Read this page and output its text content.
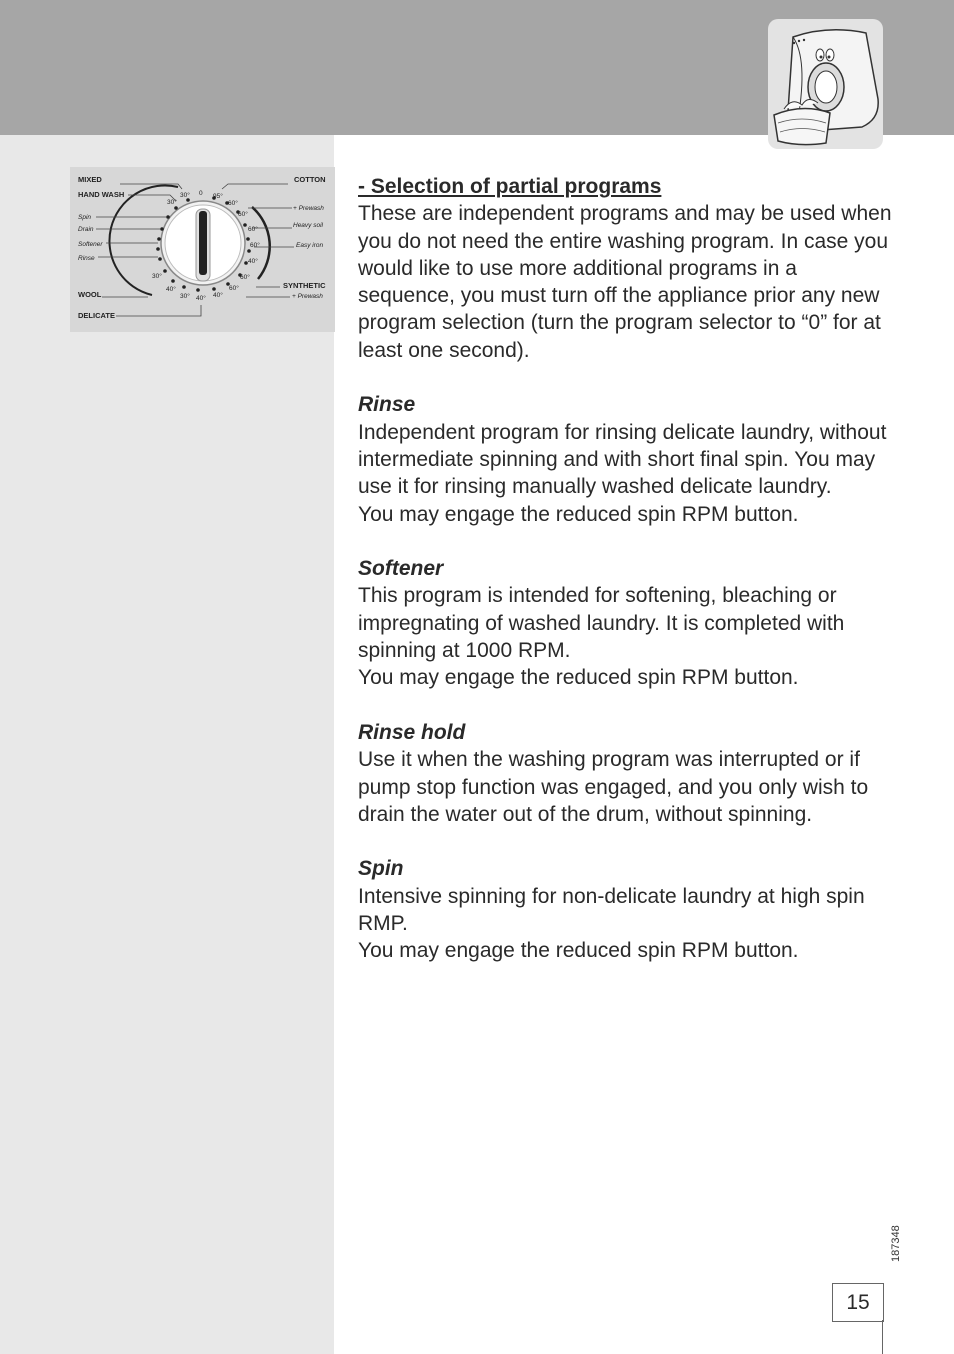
MIXED
HAND WASH
Spin
Drain
Softener
Rinse
WOOL
DELICATE
COTTON
+ Prewash
Heavy soil
Easy iron
SYNTHETIC
+ Prewash
30°
30° 0 95°
60°
60°
60°
60°
40°
60°
60°
40°
40°
30°
40°
30°

- Selection of partial programs

These are independent programs and may be used when you do not need the entire washing program. In case you would like to use more additional programs in a sequence, you must turn off the appliance prior any new program selection (turn the program selector to “0” for at least one second).

Rinse

Independent program for rinsing delicate laundry, without intermediate spinning and with short final spin. You may use it for rinsing manually washed delicate laundry.

You may engage the reduced spin RPM button.

Softener

This program is intended for softening, bleaching or impregnating of washed laundry. It is completed with spinning at 1000 RPM.

You may engage the reduced spin RPM button.

Rinse hold

Use it when the washing program was interrupted or if pump stop function was engaged, and you only wish to drain the water out of the drum, without spinning.

Spin

Intensive spinning for non-delicate laundry at high spin RMP.

You may engage the reduced spin RPM button.

187348
15
